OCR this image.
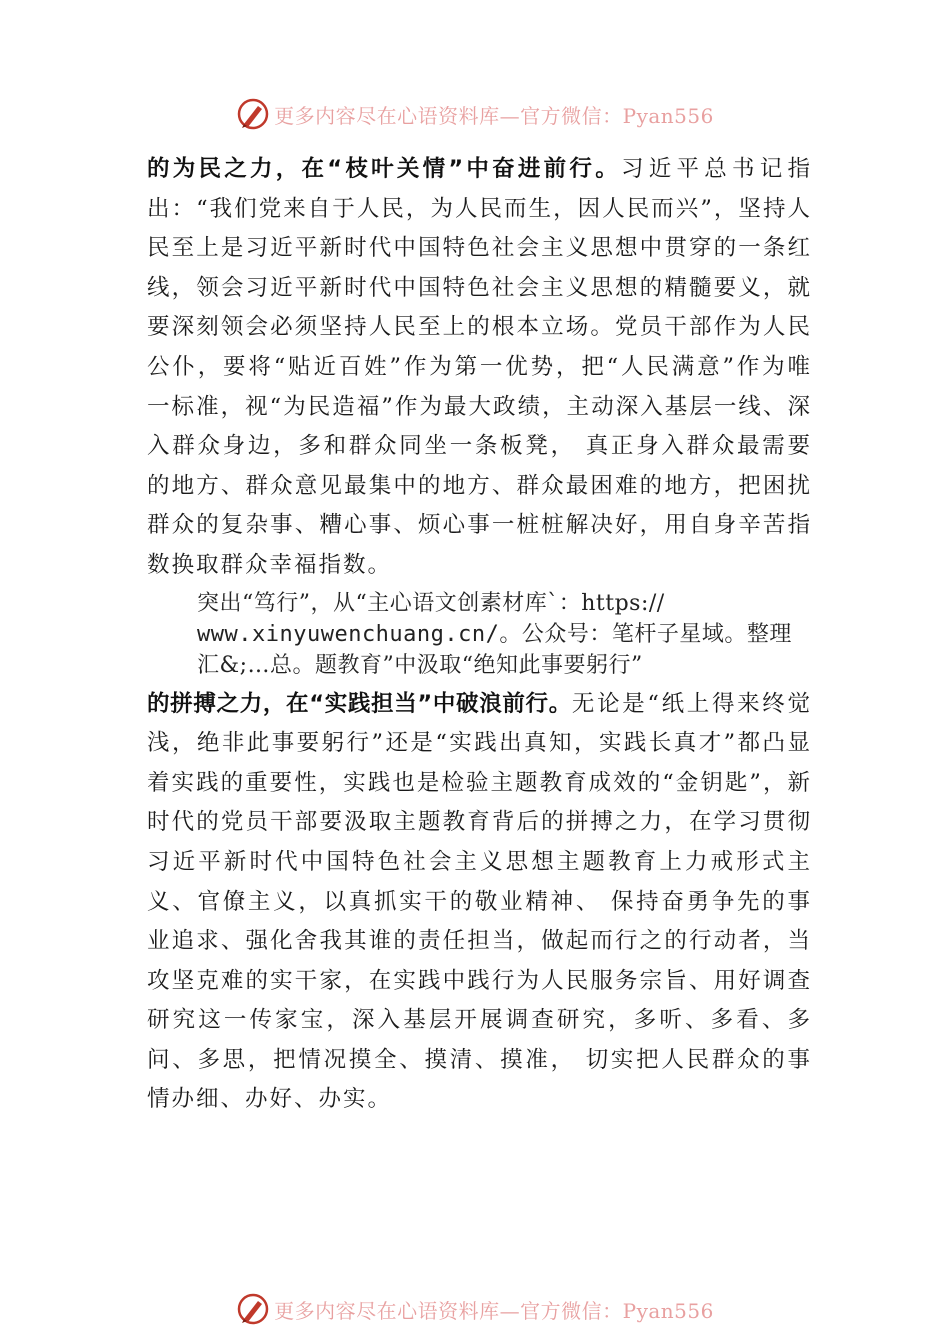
更多内容尽在心语资料库—官方微信：Pyan556

的为民之力，在“枝叶关情”中奋进前行。习近平总书记指出：“我们党来自于人民，为人民而生，因人民而兴”，坚持人民至上是习近平新时代中国特色社会主义思想中贯穿的一条红线，领会习近平新时代中国特色社会主义思想的精髓要义，就要深刻领会必须坚持人民至上的根本立场。党员干部作为人民公仆，要将“贴近百姓”作为第一优势，把“人民满意”作为唯一标准，视“为民造福”作为最大政绩，主动深入基层一线、深入群众身边，多和群众同坐一条板凳， 真正身入群众最需要的地方、群众意见最集中的地方、群众最困难的地方，把困扰群众的复杂事、糟心事、烦心事一桩桩解决好，用自身辛苦指数换取群众幸福指数。

突出“笃行”，从“主心语文创素材库`：https://
www.xinyuwenchuang.cn/。公众号：笔杆子星域。整理
汇&;…总。题教育”中汲取“绝知此事要躬行”

的拼搏之力，在“实践担当”中破浪前行。无论是“纸上得来终觉浅，绝非此事要躬行”还是“实践出真知，实践长真才”都凸显着实践的重要性，实践也是检验主题教育成效的“金钥匙”，新时代的党员干部要汲取主题教育背后的拼搏之力，在学习贯彻习近平新时代中国特色社会主义思想主题教育上力戒形式主义、官僚主义，以真抓实干的敬业精神、 保持奋勇争先的事业追求、强化舍我其谁的责任担当，做起而行之的行动者，当攻坚克难的实干家，在实践中践行为人民服务宗旨、用好调查研究这一传家宝，深入基层开展调查研究，多听、多看、多问、多思，把情况摸全、摸清、摸准， 切实把人民群众的事情办细、办好、办实。

更多内容尽在心语资料库—官方微信：Pyan556
